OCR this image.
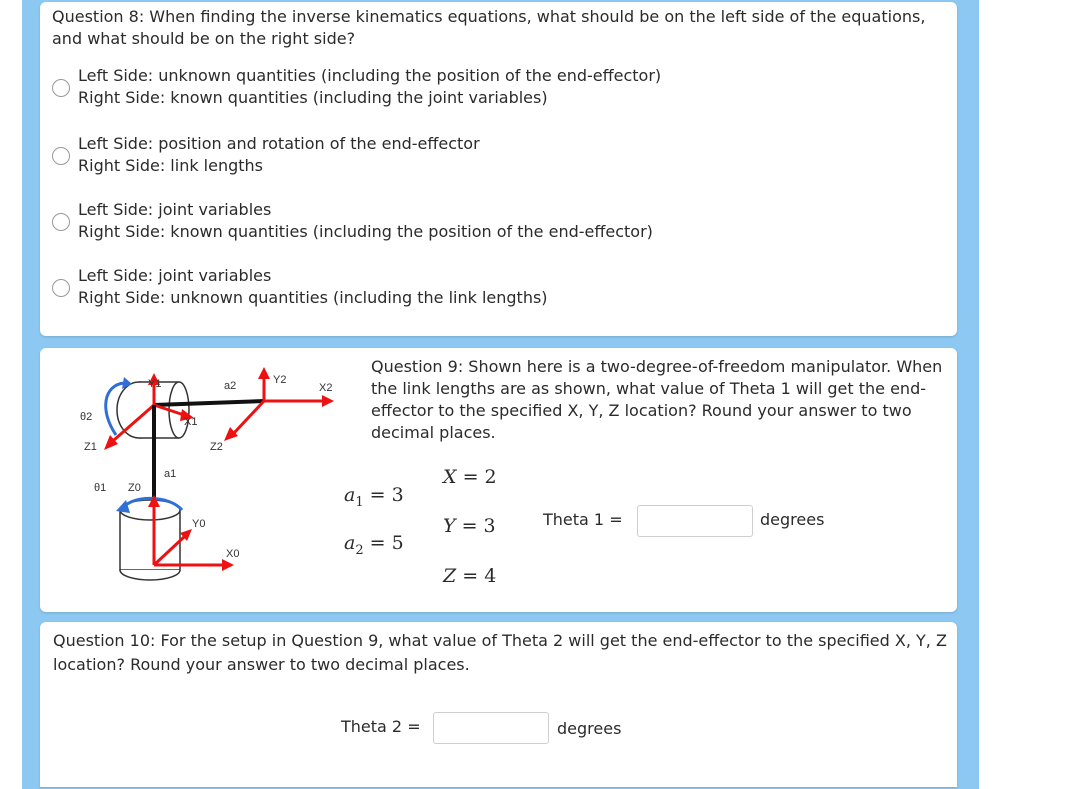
Question 8: When finding the inverse kinematics equations, what should be on the left side of the equations, and what should be on the right side?
Left Side: unknown quantities (including the position of the end-effector)
Right Side: known quantities (including the joint variables)
Left Side: position and rotation of the end-effector
Right Side: link lengths
Left Side: joint variables
Right Side: known quantities (including the position of the end-effector)
Left Side: joint variables
Right Side: unknown quantities (including the link lengths)
Question 9: Shown here is a two-degree-of-freedom manipulator. When the link lengths are as shown, what value of Theta 1 will get the end-effector to the specified X, Y, Z location? Round your answer to two decimal places.
θ2
Z1
Y1
X1
a2	Y2
X2
Z2
θ1 Z0
a1
Y0
X0
$a_1 = 3$
$a_2 = 5$
X = 2
Y = 3
Z = 4
Theta 1 =	degrees
Question 10: For the setup in Question 9, what value of Theta 2 will get the end-effector to the specified X, Y, Z location? Round your answer to two decimal places.
Theta 2 =	degrees
